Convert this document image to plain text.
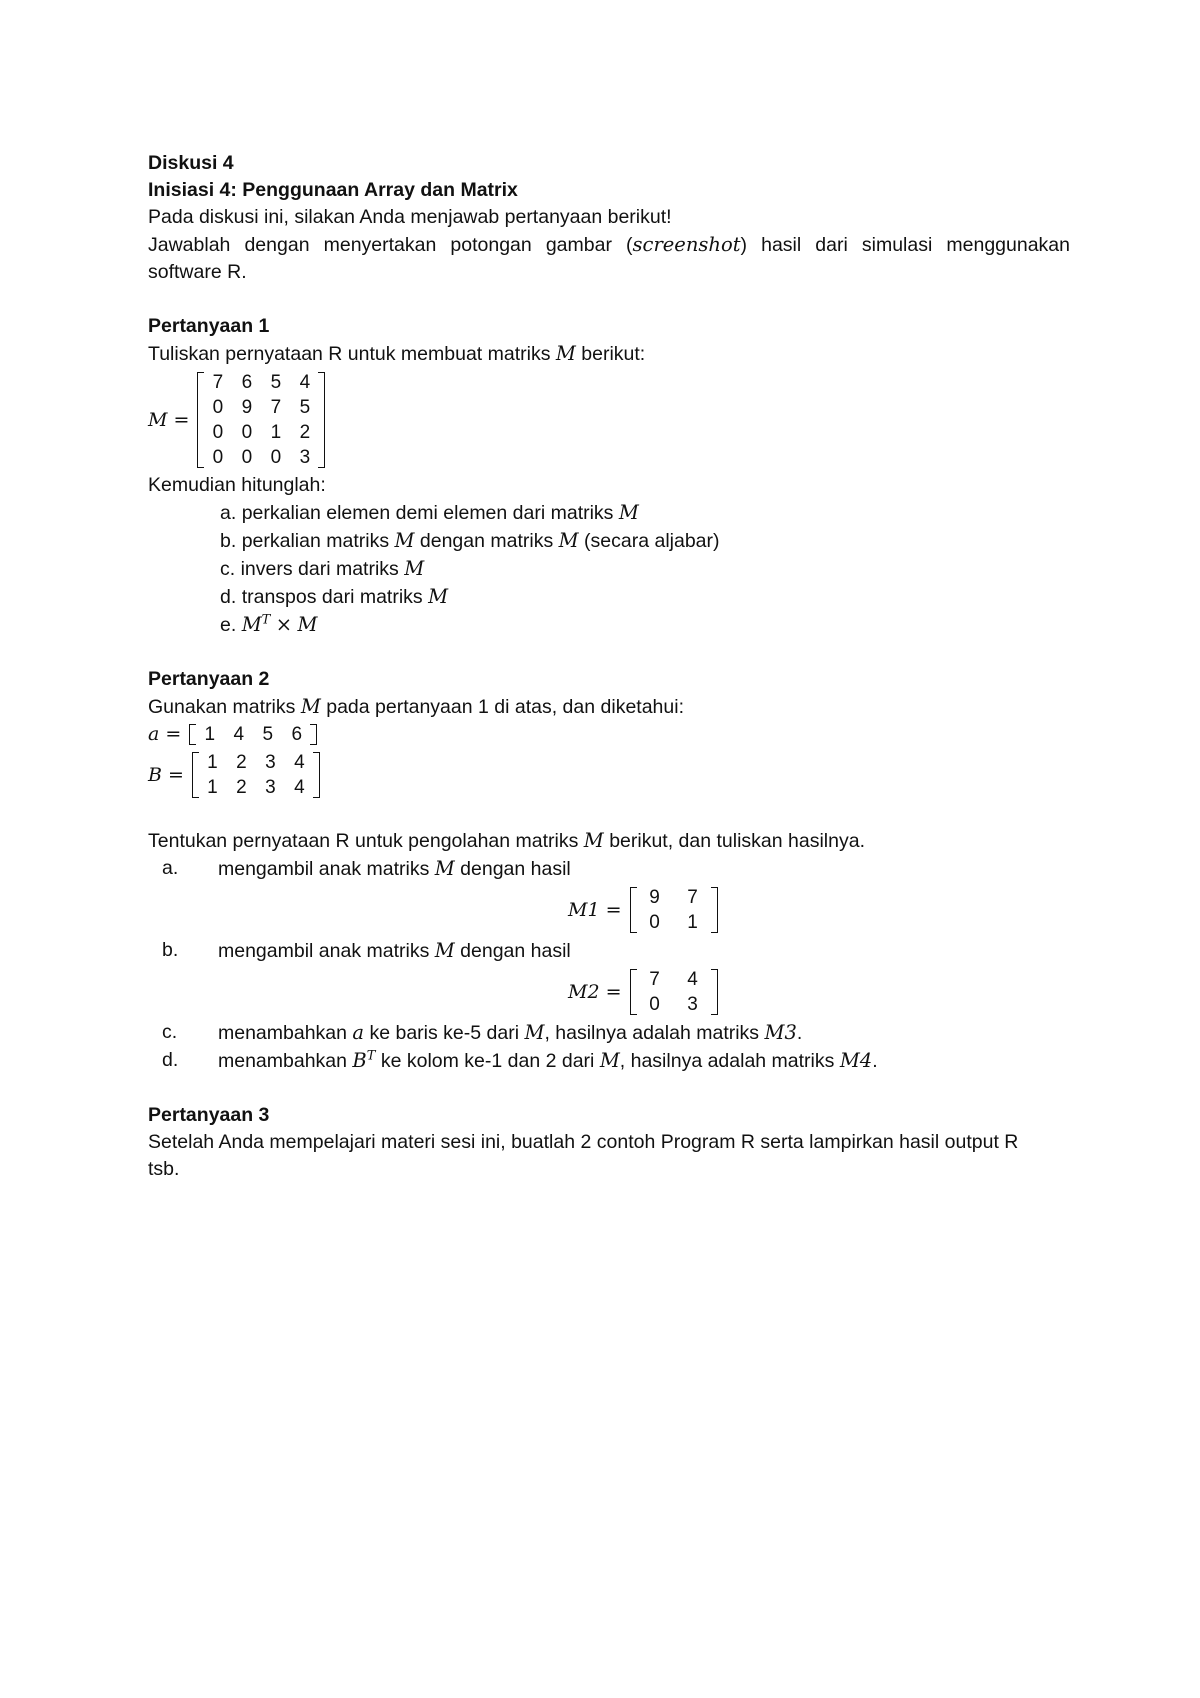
Diskusi 4
Inisiasi 4: Penggunaan Array dan Matrix
Pada diskusi ini, silakan Anda menjawab pertanyaan berikut!
Jawablah dengan menyertakan potongan gambar (screenshot) hasil dari simulasi menggunakan
software R.
Pertanyaan 1
Tuliskan pernyataan R untuk membuat matriks M berikut:
M =
7 6 5 4
0 9 7 5
0 0 1 2
0 0 0 3
Kemudian hitunglah:
a. perkalian elemen demi elemen dari matriks M
b. perkalian matriks M dengan matriks M (secara aljabar)
c. invers dari matriks M
d. transpos dari matriks M
e. $M^T \times M$
Pertanyaan 2
Gunakan matriks M pada pertanyaan 1 di atas, dan diketahui:
a =	1 4 5 6
B =
1 2 3 4
1 2 3 4
Tentukan pernyataan R untuk pengolahan matriks M berikut, dan tuliskan hasilnya.
a.	mengambil anak matriks M dengan hasil
M1 =
9	7
0	1
b.	mengambil anak matriks M dengan hasil
M2 =
7	4
0	3
c.	menambahkan a ke baris ke-5 dari M, hasilnya adalah matriks M3.
d.	menambahkan $B^T$ ke kolom ke-1 dan 2 dari M, hasilnya adalah matriks M4.
Pertanyaan 3
Setelah Anda mempelajari materi sesi ini, buatlah 2 contoh Program R serta lampirkan hasil output R
tsb.
